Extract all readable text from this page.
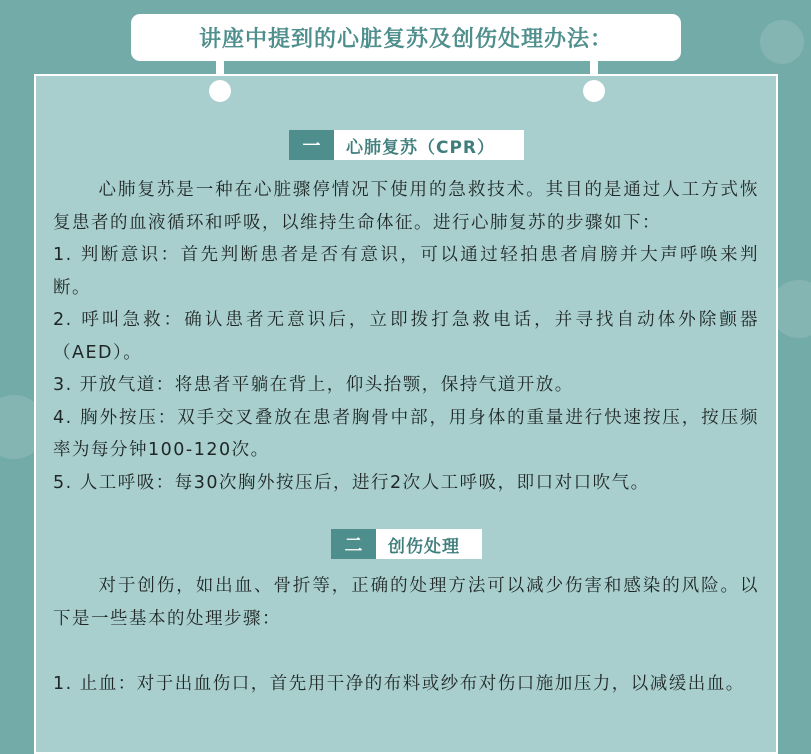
讲座中提到的心脏复苏及创伤处理办法：
一	心肺复苏（CPR）

心肺复苏是一种在心脏骤停情况下使用的急救技术。其目的是通过人工方式恢复患者的血液循环和呼吸，以维持生命体征。进行心肺复苏的步骤如下：

1. 判断意识：首先判断患者是否有意识，可以通过轻拍患者肩膀并大声呼唤来判断。

2. 呼叫急救：确认患者无意识后，立即拨打急救电话，并寻找自动体外除颤器（AED）。

3. 开放气道：将患者平躺在背上，仰头抬颚，保持气道开放。

4. 胸外按压：双手交叉叠放在患者胸骨中部，用身体的重量进行快速按压，按压频率为每分钟100-120次。

5. 人工呼吸：每30次胸外按压后，进行2次人工呼吸，即口对口吹气。

二	创伤处理

对于创伤，如出血、骨折等，正确的处理方法可以减少伤害和感染的风险。以下是一些基本的处理步骤：

1. 止血：对于出血伤口，首先用干净的布料或纱布对伤口施加压力，以减缓出血。
